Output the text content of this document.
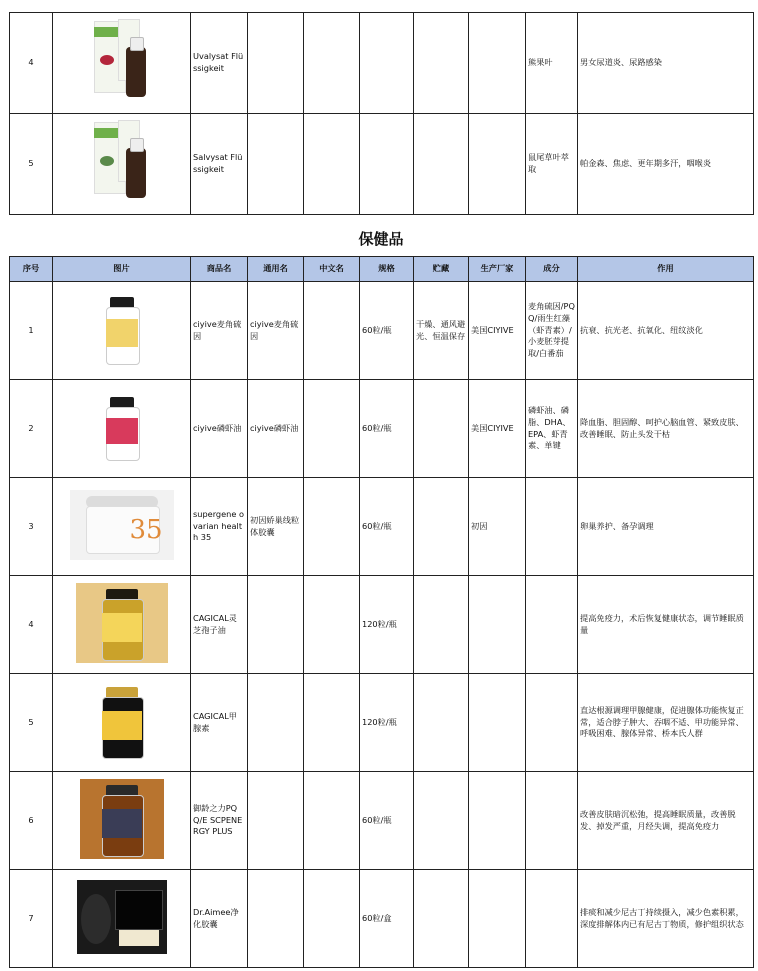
4		Uvalysat Flüssigkeit						熊果叶	男女尿道炎、尿路感染
5		Salvysat Flüssigkeit						鼠尾草叶萃取	帕金森、焦虑、更年期多汗，咽喉炎
保健品
序号	图片	商品名	通用名	中文名	规格	贮藏	生产厂家	成分	作用
1		ciyive麦角硫因	ciyive麦角硫因		60粒/瓶	干燥、通风避光、恒温保存	美国CIYIVE	麦角硫因/PQQ/雨生红藻（虾青素）/小麦胚芽提取/白番茄	抗衰、抗光老、抗氧化、纽纹淡化
2		ciyive磷虾油	ciyive磷虾油		60粒/瓶		美国CIYIVE	磷虾油、磷脂、DHA、EPA、虾青素、单键	降血脂、胆固醇、呵护心脑血管、紧致皮肤、改善睡眠、防止头发干枯
3	35	supergene ovarian health 35	初因娇巢线粒体胶囊		60粒/瓶		初因		卵巢养护、备孕调理
4		CAGICAL灵芝孢子油			120粒/瓶				提高免疫力，术后恢复健康状态，调节睡眠质量
5		CAGICAL甲腺素			120粒/瓶				直达根源调理甲腺健康，促进腺体功能恢复正常，适合脖子肿大、吞咽不适、甲功能异常、呼吸困难、腺体异常、桥本氏人群
6		御龄之力PQQ/E SCPENERGY PLUS			60粒/瓶				改善皮肤暗沉松弛，提高睡眠质量，改善脱发、掉发严重，月经失调，提高免疫力
7		Dr.Aimee净化胶囊			60粒/盒				排痰和减少尼古丁持续摄入，减少色素积累，深度排解体内已有尼古丁物质，修护组织状态
